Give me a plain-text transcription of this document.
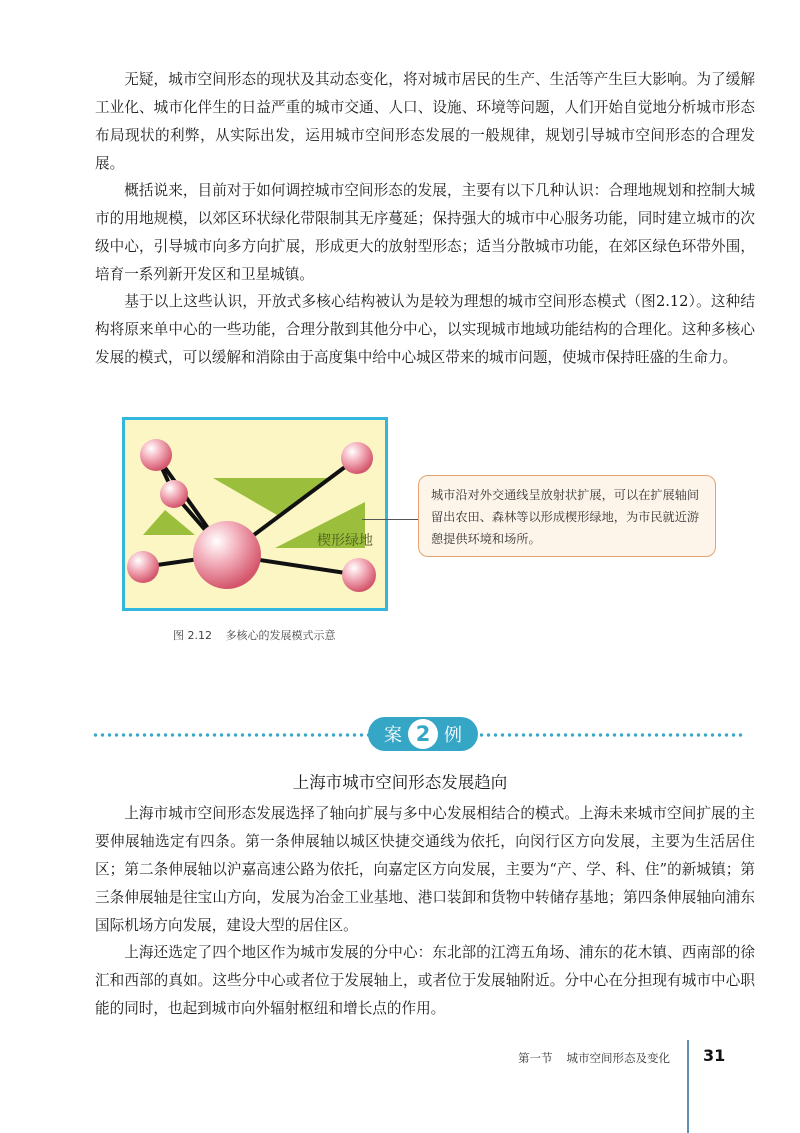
无疑，城市空间形态的现状及其动态变化，将对城市居民的生产、生活等产生巨大影响。为了缓解工业化、城市化伴生的日益严重的城市交通、人口、设施、环境等问题，人们开始自觉地分析城市形态布局现状的利弊，从实际出发，运用城市空间形态发展的一般规律，规划引导城市空间形态的合理发展。

概括说来，目前对于如何调控城市空间形态的发展，主要有以下几种认识：合理地规划和控制大城市的用地规模，以郊区环状绿化带限制其无序蔓延；保持强大的城市中心服务功能，同时建立城市的次级中心，引导城市向多方向扩展，形成更大的放射型形态；适当分散城市功能，在郊区绿色环带外围，培育一系列新开发区和卫星城镇。

基于以上这些认识，开放式多核心结构被认为是较为理想的城市空间形态模式（图2.12）。这种结构将原来单中心的一些功能，合理分散到其他分中心，以实现城市地域功能结构的合理化。这种多核心发展的模式，可以缓解和消除由于高度集中给中心城区带来的城市问题，使城市保持旺盛的生命力。

楔形绿地
城市沿对外交通线呈放射状扩展，可以在扩展轴间留出农田、森林等以形成楔形绿地，为市民就近游憩提供环境和场所。
图 2.12 多核心的发展模式示意
案 2 例
上海市城市空间形态发展趋向

上海市城市空间形态发展选择了轴向扩展与多中心发展相结合的模式。上海未来城市空间扩展的主要伸展轴选定有四条。第一条伸展轴以城区快捷交通线为依托，向闵行区方向发展，主要为生活居住区；第二条伸展轴以沪嘉高速公路为依托，向嘉定区方向发展，主要为“产、学、科、住”的新城镇；第三条伸展轴是往宝山方向，发展为冶金工业基地、港口装卸和货物中转储存基地；第四条伸展轴向浦东国际机场方向发展，建设大型的居住区。

上海还选定了四个地区作为城市发展的分中心：东北部的江湾五角场、浦东的花木镇、西南部的徐汇和西部的真如。这些分中心或者位于发展轴上，或者位于发展轴附近。分中心在分担现有城市中心职能的同时，也起到城市向外辐射枢纽和增长点的作用。

第一节 城市空间形态及变化 31
